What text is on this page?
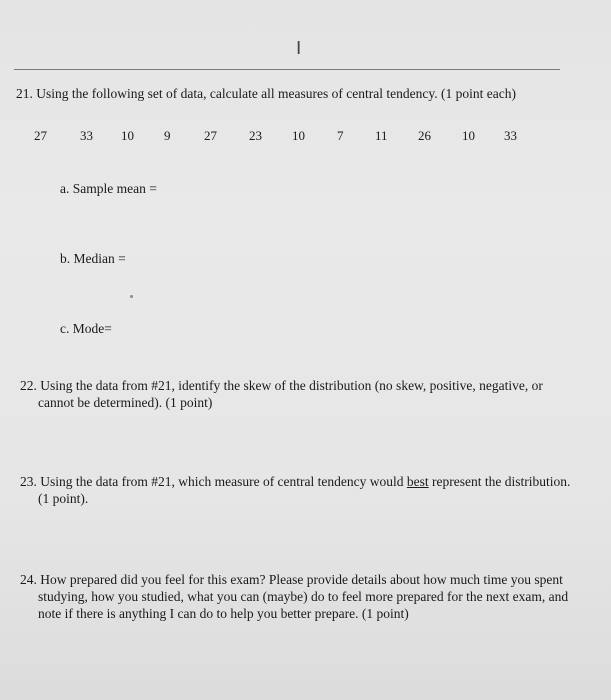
I
21. Using the following set of data, calculate all measures of central tendency. (1 point each)
27	33 10 9	27 23 10 7 11 26 10 33
a. Sample mean =
b. Median =
c. Mode=
22. Using the data from #21, identify the skew of the distribution (no skew, positive, negative, or
cannot be determined). (1 point)
23. Using the data from #21, which measure of central tendency would best represent the distribution.
(1 point).
24. How prepared did you feel for this exam? Please provide details about how much time you spent
studying, how you studied, what you can (maybe) do to feel more prepared for the next exam, and
note if there is anything I can do to help you better prepare. (1 point)
